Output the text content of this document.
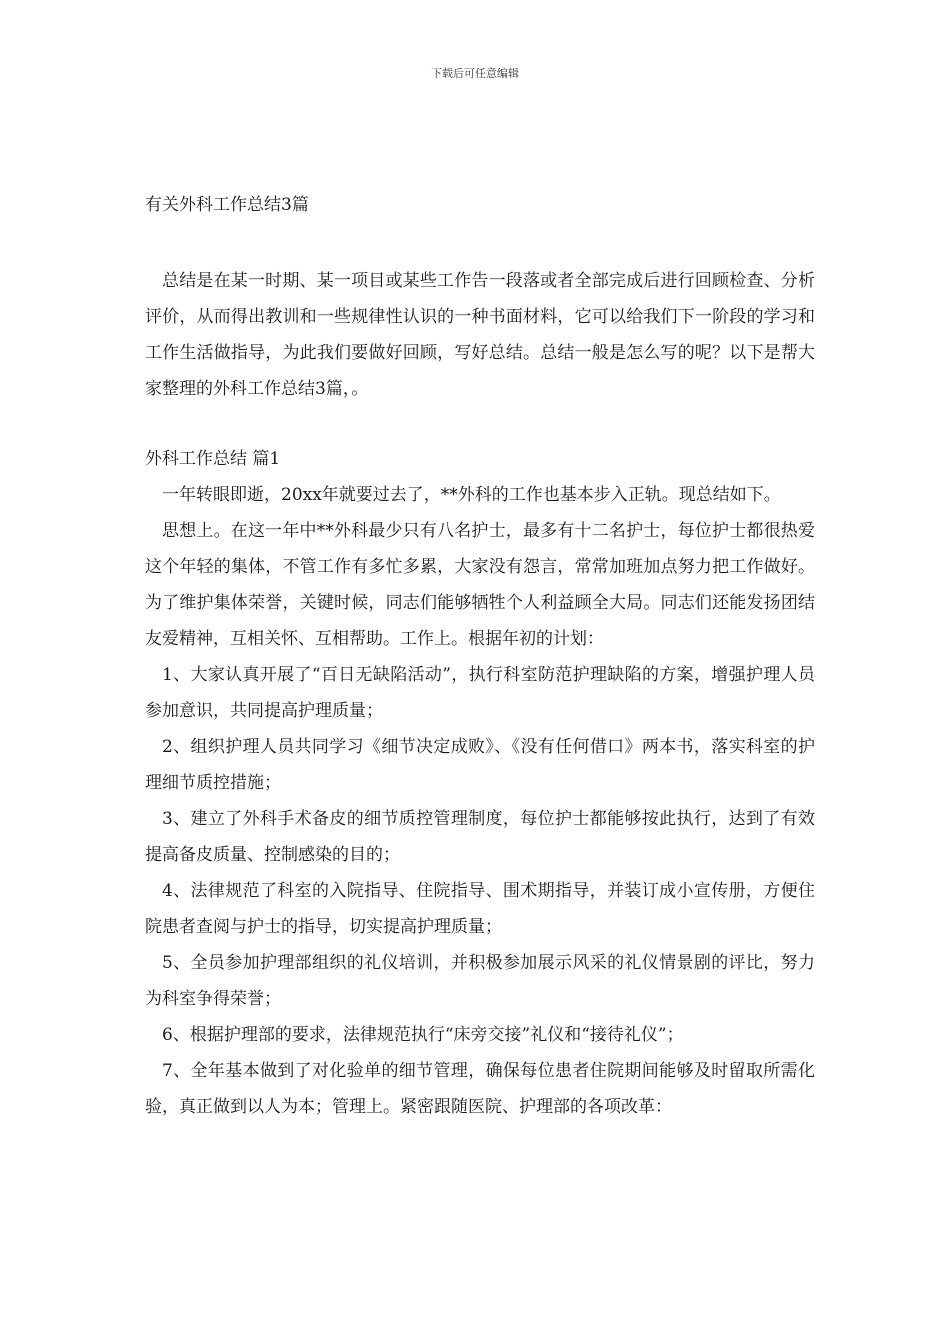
下载后可任意编辑
有关外科工作总结3篇

总结是在某一时期、某一项目或某些工作告一段落或者全部完成后进行回顾检查、分析评价，从而得出教训和一些规律性认识的一种书面材料，它可以给我们下一阶段的学习和工作生活做指导，为此我们要做好回顾，写好总结。总结一般是怎么写的呢？以下是帮大家整理的外科工作总结3篇，。

外科工作总结 篇1

一年转眼即逝，20xx年就要过去了，**外科的工作也基本步入正轨。现总结如下。

思想上。在这一年中**外科最少只有八名护士，最多有十二名护士，每位护士都很热爱这个年轻的集体，不管工作有多忙多累，大家没有怨言，常常加班加点努力把工作做好。为了维护集体荣誉，关键时候，同志们能够牺牲个人利益顾全大局。同志们还能发扬团结友爱精神，互相关怀、互相帮助。工作上。根据年初的计划：

1、大家认真开展了“百日无缺陷活动”，执行科室防范护理缺陷的方案，增强护理人员参加意识，共同提高护理质量；

2、组织护理人员共同学习《细节决定成败》、《没有任何借口》两本书，落实科室的护理细节质控措施；

3、建立了外科手术备皮的细节质控管理制度，每位护士都能够按此执行，达到了有效提高备皮质量、控制感染的目的；

4、法律规范了科室的入院指导、住院指导、围术期指导，并装订成小宣传册，方便住院患者查阅与护士的指导，切实提高护理质量；

5、全员参加护理部组织的礼仪培训，并积极参加展示风采的礼仪情景剧的评比，努力为科室争得荣誉；

6、根据护理部的要求，法律规范执行“床旁交接”礼仪和“接待礼仪”；

7、全年基本做到了对化验单的细节管理，确保每位患者住院期间能够及时留取所需化验，真正做到以人为本；管理上。紧密跟随医院、护理部的各项改革：
